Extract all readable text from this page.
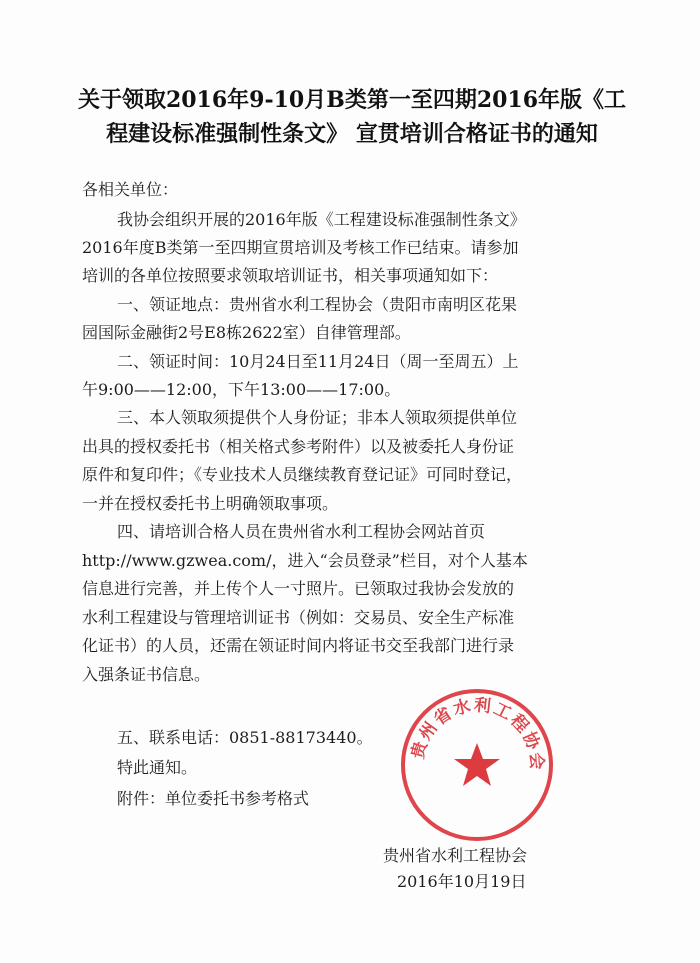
关于领取2016年9-10月B类第一至四期2016年版《工
程建设标准强制性条文》 宣贯培训合格证书的通知

各相关单位：

我协会组织开展的2016年版《工程建设标准强制性条文》

2016年度B类第一至四期宣贯培训及考核工作已结束。请参加

培训的各单位按照要求领取培训证书，相关事项通知如下：

一、领证地点：贵州省水利工程协会（贵阳市南明区花果

园国际金融街2号E8栋2622室）自律管理部。

二、领证时间：10月24日至11月24日（周一至周五）上

午9:00——12:00，下午13:00——17:00。

三、本人领取须提供个人身份证；非本人领取须提供单位

出具的授权委托书（相关格式参考附件）以及被委托人身份证

原件和复印件；《专业技术人员继续教育登记证》可同时登记，

一并在授权委托书上明确领取事项。

四、请培训合格人员在贵州省水利工程协会网站首页

http://www.gzwea.com/，进入“会员登录”栏目，对个人基本

信息进行完善，并上传个人一寸照片。已领取过我协会发放的

水利工程建设与管理培训证书（例如：交易员、安全生产标准

化证书）的人员，还需在领证时间内将证书交至我部门进行录

入强条证书信息。

五、联系电话：0851-88173440。

特此通知。

附件：单位委托书参考格式

贵州省水利工程协会

贵州省水利工程协会

2016年10月19日
